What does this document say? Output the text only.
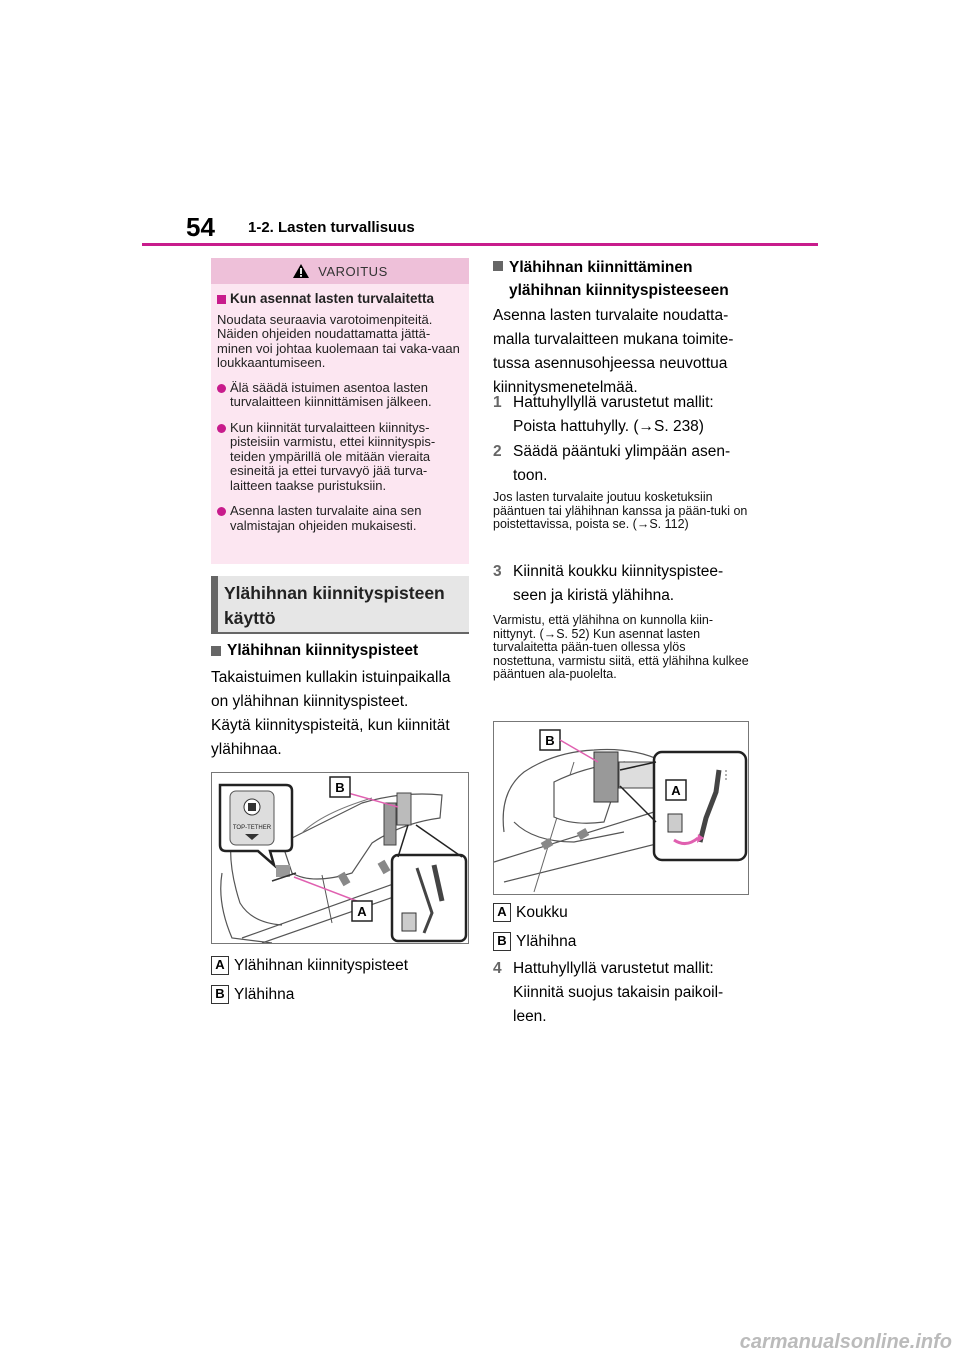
54 1-2. Lasten turvallisuus
VAROITUS
Kun asennat lasten turvalaitetta
Noudata seuraavia varotoimenpiteitä. Näiden ohjeiden noudattamatta jättä-minen voi johtaa kuolemaan tai vaka-vaan loukkaantumiseen.
Älä säädä istuimen asentoa lasten turvalaitteen kiinnittämisen jälkeen.
Kun kiinnität turvalaitteen kiinnitys-pisteisiin varmistu, ettei kiinnityspis-teiden ympärillä ole mitään vieraita esineitä ja ettei turvavyö jää turva-laitteen taakse puristuksiin.
Asenna lasten turvalaite aina sen valmistajan ohjeiden mukaisesti.
Ylähihnan kiinnityspisteen
käyttö
Ylähihnan kiinnityspisteet
Takaistuimen kullakin istuinpaikalla on ylähihnan kiinnityspisteet.
Käytä kiinnityspisteitä, kun kiinnität ylähihnaa.
TOP-TETHER
B
A
A Ylähihnan kiinnityspisteet
B Ylähihna
Ylähihnan kiinnittäminen
ylähihnan kiinnityspisteeseen
Asenna lasten turvalaite noudatta-malla turvalaitteen mukana toimite-tussa asennusohjeessa neuvottua kiinnitysmenetelmää.
1 Hattuhyllyllä varustetut mallit: Poista hattuhylly. (→S. 238)
2 Säädä pääntuki ylimpään asen-toon.
Jos lasten turvalaite joutuu kosketuksiin pääntuen tai ylähihnan kanssa ja pään-tuki on poistettavissa, poista se. (→S. 112)
3 Kiinnitä koukku kiinnityspistee-seen ja kiristä ylähihna.
Varmistu, että ylähihna on kunnolla kiin-nittynyt. (→S. 52) Kun asennat lasten turvalaitetta pään-tuen ollessa ylös nostettuna, varmistu siitä, että ylähihna kulkee pääntuen ala-puolelta.
B
A
A Koukku
B Ylähihna
4 Hattuhyllyllä varustetut mallit: Kiinnitä suojus takaisin paikoil-leen.
carmanualsonline.info
